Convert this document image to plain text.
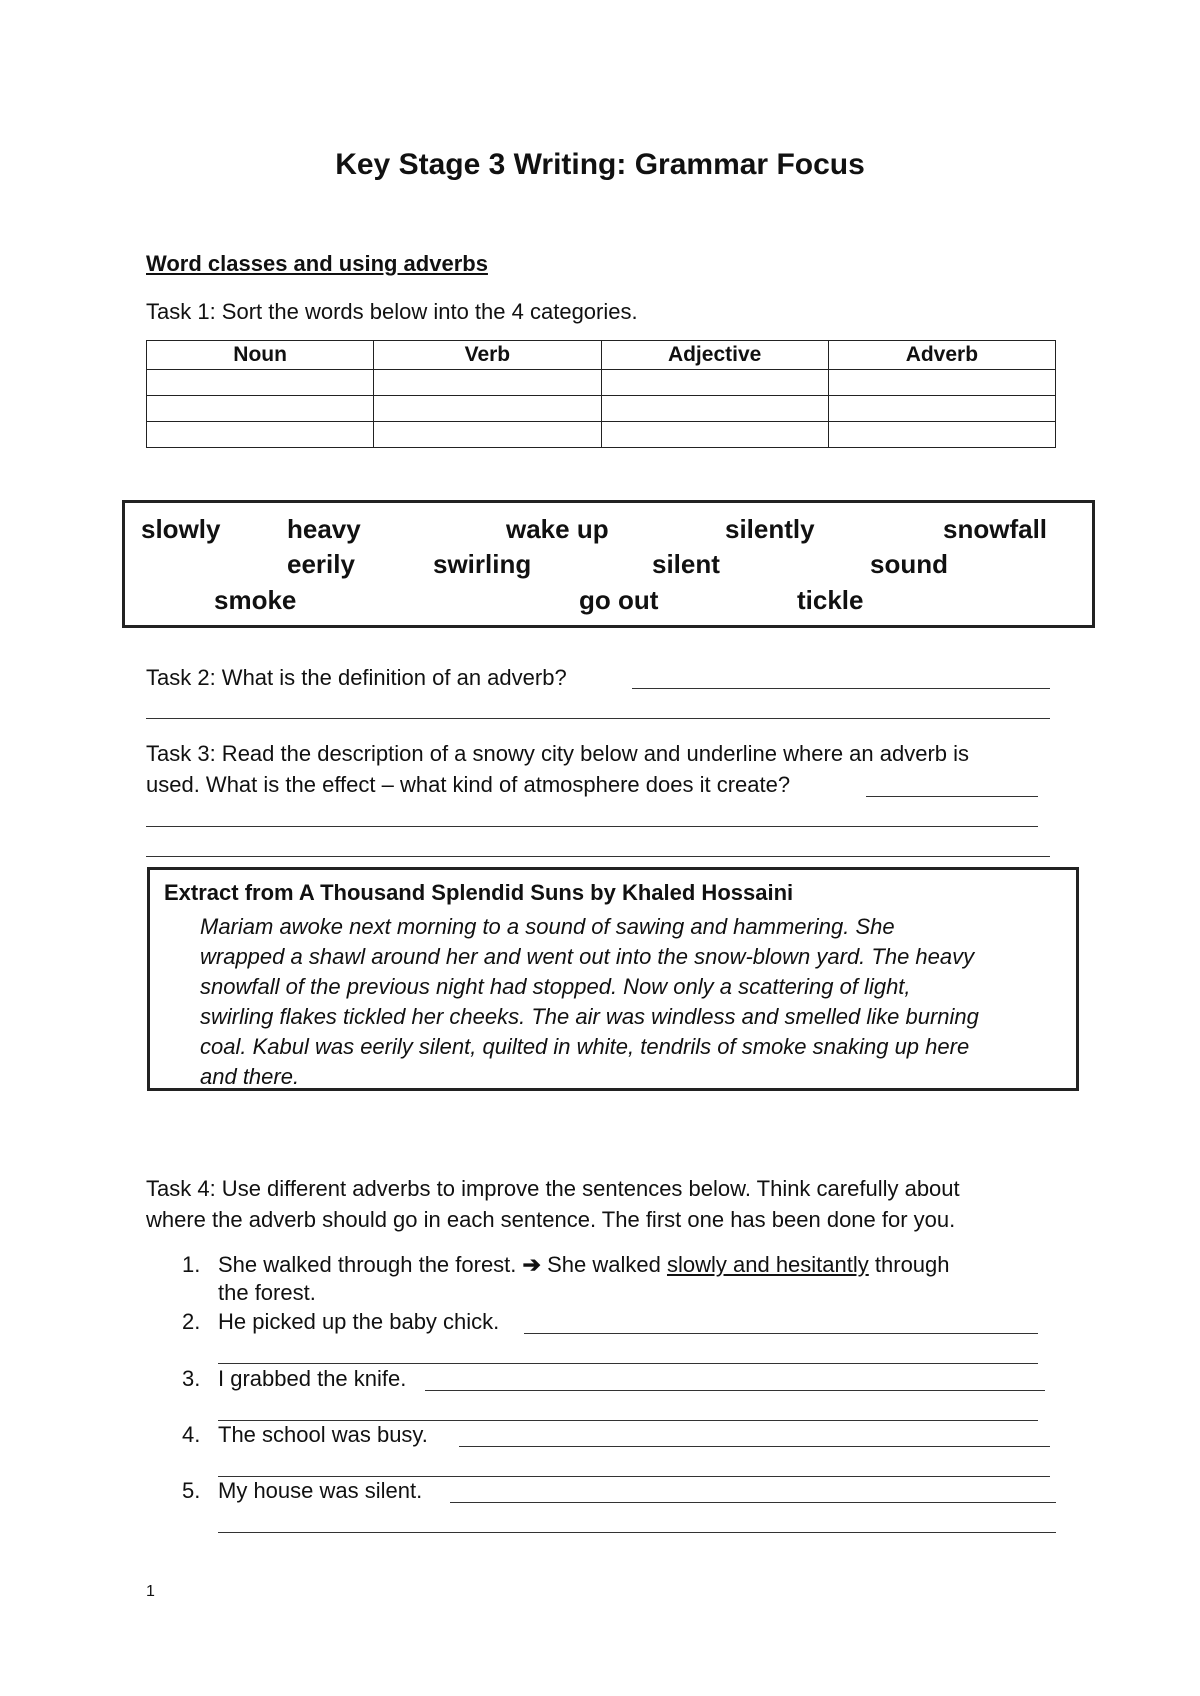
Key Stage 3 Writing: Grammar Focus
Word classes and using adverbs
Task 1: Sort the words below into the 4 categories.
Noun	Verb	Adjective	Adverb

slowly	heavy	wake up	silently	snowfall
eerily	swirling	silent	sound
smoke	go out	tickle
Task 2: What is the definition of an adverb?
Task 3: Read the description of a snowy city below and underline where an adverb is
used. What is the effect – what kind of atmosphere does it create?
Extract from A Thousand Splendid Suns by Khaled Hossaini
Mariam awoke next morning to a sound of sawing and hammering. She
wrapped a shawl around her and went out into the snow-blown yard. The heavy
snowfall of the previous night had stopped. Now only a scattering of light,
swirling flakes tickled her cheeks. The air was windless and smelled like burning
coal. Kabul was eerily silent, quilted in white, tendrils of smoke snaking up here
and there.
Task 4: Use different adverbs to improve the sentences below. Think carefully about
where the adverb should go in each sentence. The first one has been done for you.
1. She walked through the forest. ➔ She walked slowly and hesitantly through
the forest.
2. He picked up the baby chick.
3. I grabbed the knife.
4. The school was busy.
5. My house was silent.
1
